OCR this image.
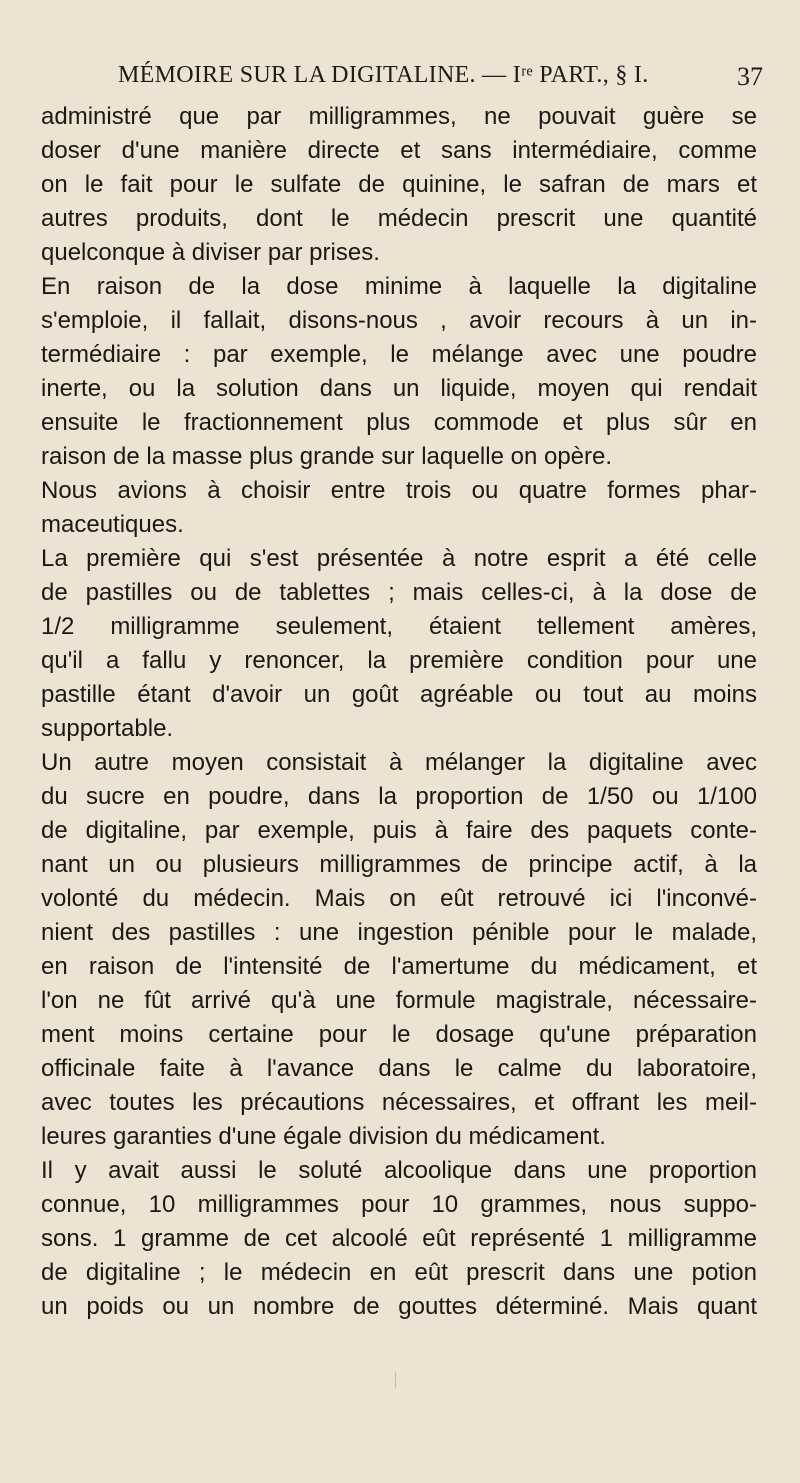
MÉMOIRE SUR LA DIGITALINE. — Iʳᵉ PART., § I.	37
administré que par milligrammes, ne pouvait guère se
doser d'une manière directe et sans intermédiaire, comme
on le fait pour le sulfate de quinine, le safran de mars et
autres produits, dont le médecin prescrit une quantité
quelconque à diviser par prises.
En raison de la dose minime à laquelle la digitaline
s'emploie, il fallait, disons-nous , avoir recours à un in-
termédiaire : par exemple, le mélange avec une poudre
inerte, ou la solution dans un liquide, moyen qui rendait
ensuite le fractionnement plus commode et plus sûr en
raison de la masse plus grande sur laquelle on opère.
Nous avions à choisir entre trois ou quatre formes phar-
maceutiques.
La première qui s'est présentée à notre esprit a été celle
de pastilles ou de tablettes ; mais celles-ci, à la dose de
1/2 milligramme seulement, étaient tellement amères,
qu'il a fallu y renoncer, la première condition pour une
pastille étant d'avoir un goût agréable ou tout au moins
supportable.
Un autre moyen consistait à mélanger la digitaline avec
du sucre en poudre, dans la proportion de 1/50 ou 1/100
de digitaline, par exemple, puis à faire des paquets conte-
nant un ou plusieurs milligrammes de principe actif, à la
volonté du médecin. Mais on eût retrouvé ici l'inconvé-
nient des pastilles : une ingestion pénible pour le malade,
en raison de l'intensité de l'amertume du médicament, et
l'on ne fût arrivé qu'à une formule magistrale, nécessaire-
ment moins certaine pour le dosage qu'une préparation
officinale faite à l'avance dans le calme du laboratoire,
avec toutes les précautions nécessaires, et offrant les meil-
leures garanties d'une égale division du médicament.
Il y avait aussi le soluté alcoolique dans une proportion
connue, 10 milligrammes pour 10 grammes, nous suppo-
sons. 1 gramme de cet alcoolé eût représenté 1 milligramme
de digitaline ; le médecin en eût prescrit dans une potion
un poids ou un nombre de gouttes déterminé. Mais quant
